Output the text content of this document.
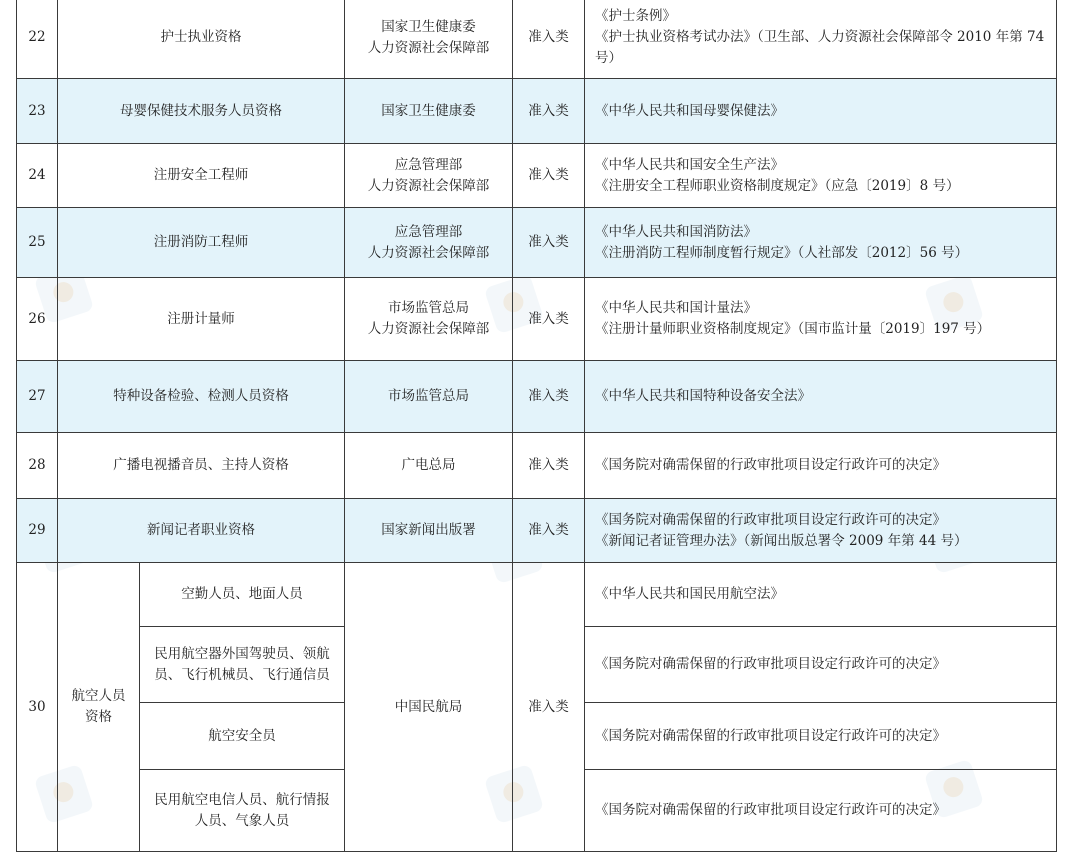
22	护士执业资格		国家卫生健康委
人力资源社会保障部	准入类	《护士条例》
《护士执业资格考试办法》（卫生部、人力资源社会保障部令 2010 年第 74 号）

23	母婴保健技术服务人员资格		国家卫生健康委	准入类	《中华人民共和国母婴保健法》

24	注册安全工程师		应急管理部
人力资源社会保障部	准入类	《中华人民共和国安全生产法》
《注册安全工程师职业资格制度规定》（应急〔2019〕8 号）

25	注册消防工程师		应急管理部
人力资源社会保障部	准入类	《中华人民共和国消防法》
《注册消防工程师制度暂行规定》（人社部发〔2012〕56 号）

26	注册计量师		市场监管总局
人力资源社会保障部	准入类	《中华人民共和国计量法》
《注册计量师职业资格制度规定》（国市监计量〔2019〕197 号）

27	特种设备检验、检测人员资格		市场监管总局	准入类	《中华人民共和国特种设备安全法》

28	广播电视播音员、主持人资格		广电总局	准入类	《国务院对确需保留的行政审批项目设定行政许可的决定》

29	新闻记者职业资格		国家新闻出版署	准入类	《国务院对确需保留的行政审批项目设定行政许可的决定》
《新闻记者证管理办法》（新闻出版总署令 2009 年第 44 号）

30	航空人员
资格	空勤人员、地面人员	中国民航局	准入类	《中华人民共和国民用航空法》

		民用航空器外国驾驶员、领航
员、飞行机械员、飞行通信员			《国务院对确需保留的行政审批项目设定行政许可的决定》

		航空安全员			《国务院对确需保留的行政审批项目设定行政许可的决定》

		民用航空电信人员、航行情报
人员、气象人员			《国务院对确需保留的行政审批项目设定行政许可的决定》
